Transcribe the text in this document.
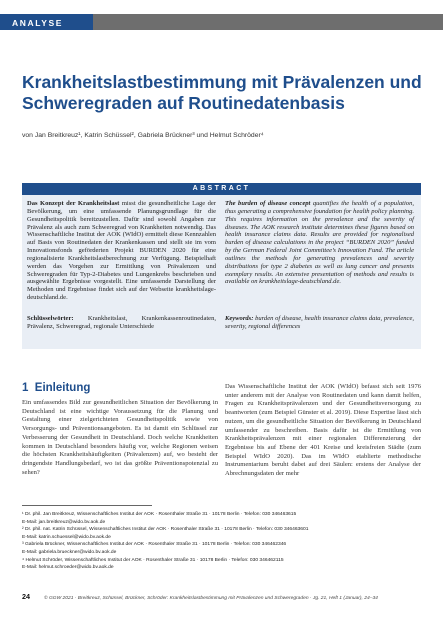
ANALYSE
Krankheitslastbestimmung mit Prävalenzen und Schweregraden auf Routinedatenbasis
von Jan Breitkreuz¹, Katrin Schüssel², Gabriela Brückner³ und Helmut Schröder⁴
ABSTRACT

Das Konzept der Krankheitslast misst die gesundheitliche Lage der Bevölkerung, um eine umfassende Planungsgrundlage für die Gesundheitspolitik bereitzustellen. Dafür sind sowohl Angaben zur Prävalenz als auch zum Schweregrad von Krankheiten notwendig. Das Wissenschaftliche Institut der AOK (WIdO) ermittelt diese Kennzahlen auf Basis von Routinedaten der Krankenkassen und stellt sie im vom Innovationsfonds geförderten Projekt BURDEN 2020 für eine regionalisierte Krankheitslastberechnung zur Verfügung. Beispielhaft werden das Vorgehen zur Ermittlung von Prävalenzen und Schweregraden für Typ-2-Diabetes und Lungenkrebs beschrieben und ausgewählte Ergebnisse vorgestellt. Eine umfassende Darstellung der Methoden und Ergebnisse findet sich auf der Webseite krankheitslage-deutschland.de.

The burden of disease concept quantifies the health of a population, thus generating a comprehensive foundation for health policy planning. This requires information on the prevalence and the severity of diseases. The AOK research institute determines these figures based on health insurance claims data. Results are provided for regionalised burden of disease calculations in the project “BURDEN 2020” funded by the German Federal Joint Committee’s Innovation Fund. The article outlines the methods for generating prevalences and severity distributions for type 2 diabetes as well as lung cancer and presents exemplary results. An extensive presentation of methods and results is available on krankheitslage-deutschland.de.

Schlüsselwörter: Krankheitslast, Krankenkassenroutinedaten, Prävalenz, Schweregrad, regionale Unterschiede

Keywords: burden of disease, health insurance claims data, prevalence, severity, regional differences

1 Einleitung

Ein umfassendes Bild zur gesundheitlichen Situation der Bevölkerung in Deutschland ist eine wichtige Voraussetzung für die Planung und Gestaltung einer zielgerichteten Gesundheitspolitik sowie von Versorgungs- und Präventionsangeboten. Es ist damit ein Schlüssel zur Verbesserung der Gesundheit in Deutschland. Doch welche Krankheiten kommen in Deutschland besonders häufig vor, welche Regionen weisen die höchsten Krankheitshäufigkeiten (Prävalenzen) auf, wo besteht der dringendste Handlungsbedarf, wo ist das größte Präventionspotenzial zu sehen?

Das Wissenschaftliche Institut der AOK (WIdO) befasst sich seit 1976 unter anderem mit der Analyse von Routinedaten und kann damit helfen, Fragen zu Krankheitsprävalenzen und der Gesundheitsversorgung zu beantworten (zum Beispiel Günster et al. 2019). Diese Expertise lässt sich nutzen, um die gesundheitliche Situation der Bevölkerung in Deutschland umfassender zu beschreiben. Basis dafür ist die Ermittlung von Krankheitsprävalenzen mit einer regionalen Differenzierung der Ergebnisse bis auf Ebene der 401 Kreise und kreisfreien Städte (zum Beispiel WIdO 2020). Das im WIdO etablierte methodische Instrumentarium beruht dabei auf drei Säulen: erstens der Analyse der Abrechnungsdaten der mehr

¹ Dr. phil. Jan Breitkreuz, Wissenschaftliches Institut der AOK · Rosenthaler Straße 31 · 10178 Berlin · Telefon: 030 346463615
E-Mail: jan.breitkreuz@wido.bv.aok.de
² Dr. phil. nat. Katrin Schüssel, Wissenschaftliches Institut der AOK · Rosenthaler Straße 31 · 10178 Berlin · Telefon: 030 346463601
E-Mail: katrin.schuessel@wido.bv.aok.de
³ Gabriela Brückner, Wissenschaftliches Institut der AOK · Rosenthaler Straße 31 · 10178 Berlin · Telefon: 030 346462346
E-Mail: gabriela.brueckner@wido.bv.aok.de
⁴ Helmut Schröder, Wissenschaftliches Institut der AOK · Rosenthaler Straße 31 · 10178 Berlin · Telefon: 030 346462115
E-Mail: helmut.schroeder@wido.bv.aok.de
24	© GGW 2021 · Breitkreuz, Schüssel, Brückner, Schröder: Krankheitslastbestimmung mit Prävalenzen und Schweregraden · Jg. 21, Heft 1 (Januar), 24–34
